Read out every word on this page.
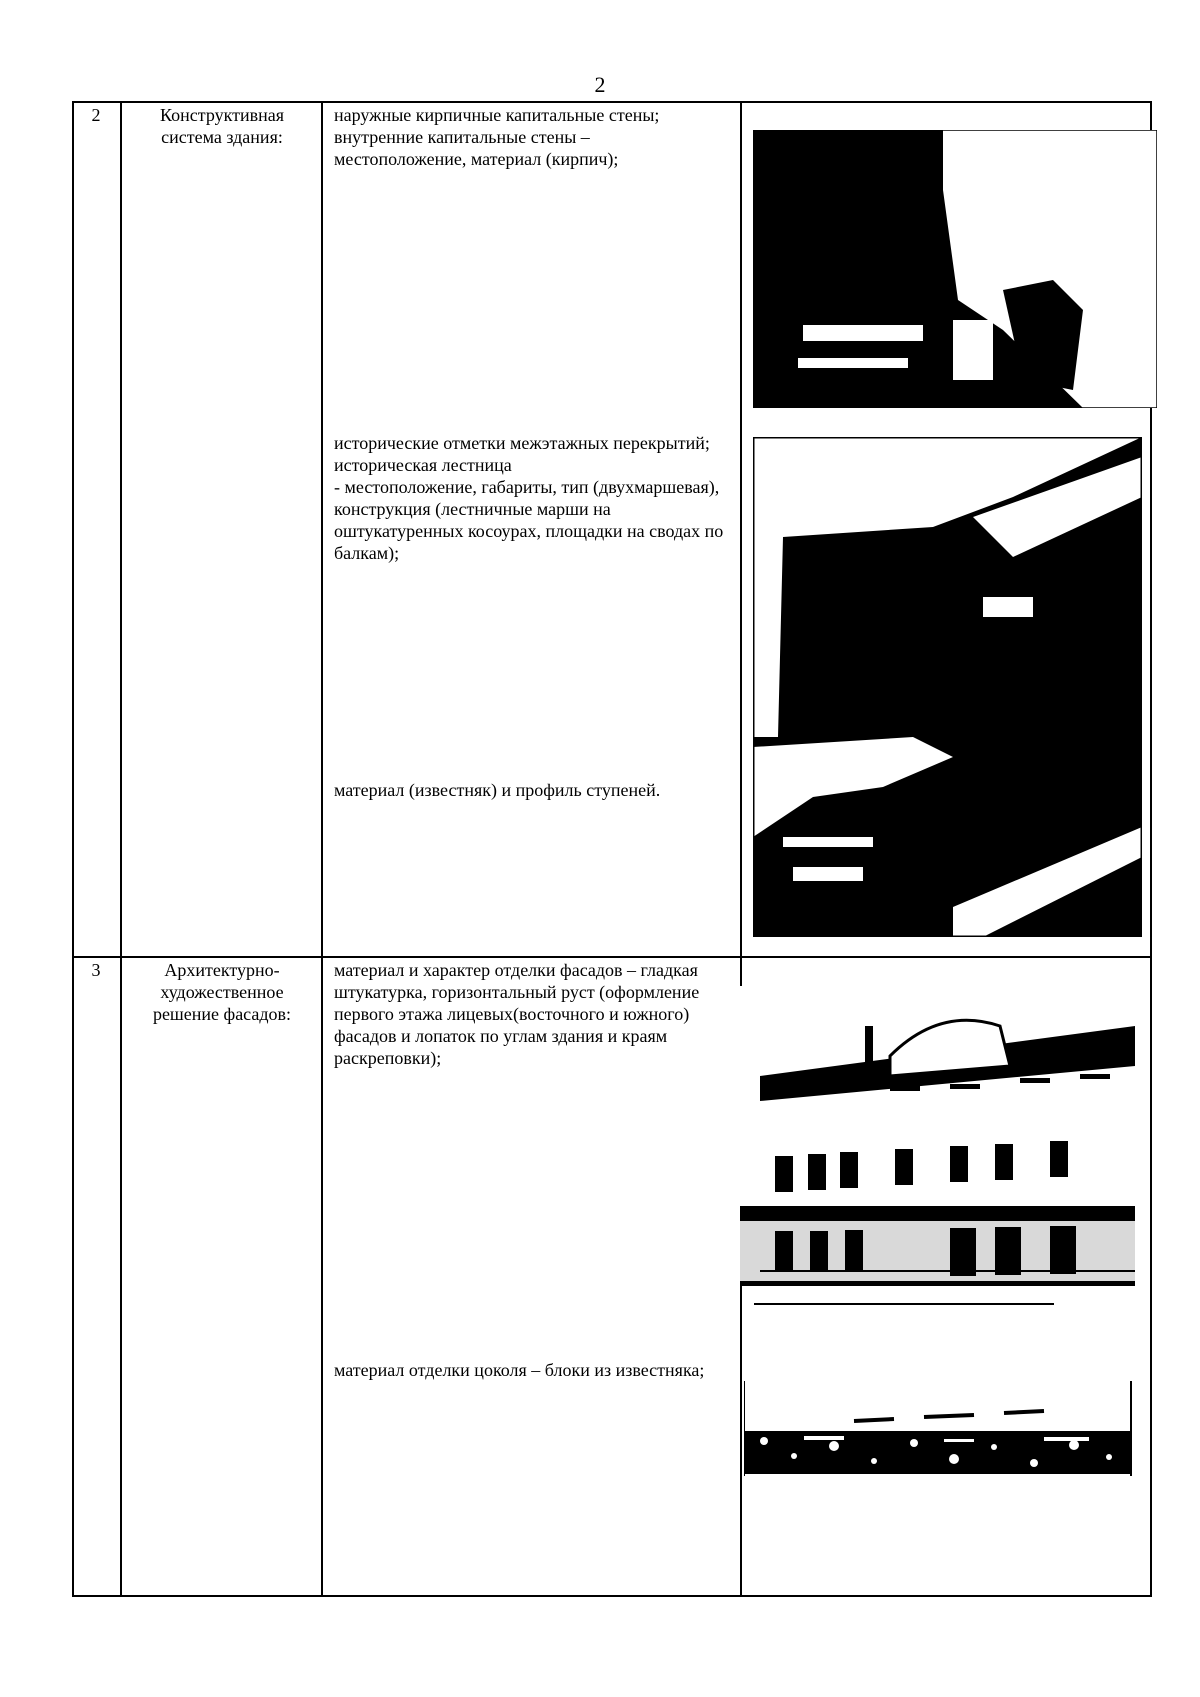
2
2	Конструктивная система здания:
наружные кирпичные капитальные стены; внутренние капитальные стены – местоположение, материал (кирпич);
исторические отметки межэтажных перекрытий;
историческая лестница
- местоположение, габариты, тип (двухмаршевая), конструкция (лестничные марши на оштукатуренных косоурах, площадки на сводах по балкам);
материал (известняк) и профиль ступеней.
3	Архитектурно-художественное решение фасадов:
материал и характер отделки фасадов – гладкая штукатурка, горизонтальный руст (оформление первого этажа лицевых(восточного и южного) фасадов и лопаток по углам здания и краям раскреповки);
материал отделки цоколя – блоки из известняка;
